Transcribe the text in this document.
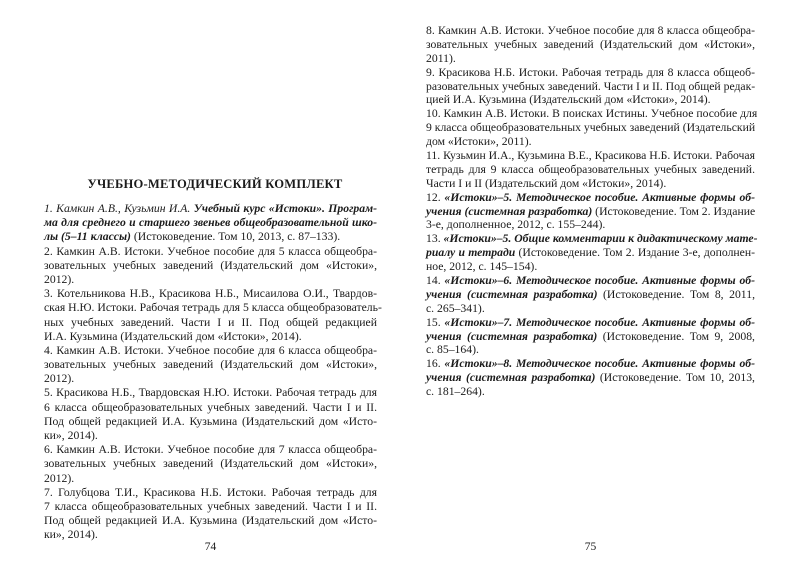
УЧЕБНО-МЕТОДИЧЕСКИЙ КОМПЛЕКТ
1. Камкин А.В., Кузьмин И.А. Учебный курс «Истоки». Програм-
ма для среднего и старшего звеньев общеобразовательной шко-
лы (5–11 классы) (Истоковедение. Том 10, 2013, с. 87–133).
2. Камкин А.В. Истоки. Учебное пособие для 5 класса общеобра-
зовательных учебных заведений (Издательский дом «Истоки»,
2012).
3. Котельникова Н.В., Красикова Н.Б., Мисаилова О.И., Твардов-
ская Н.Ю. Истоки. Рабочая тетрадь для 5 класса общеобразователь-
ных учебных заведений. Части I и II. Под общей редакцией
И.А. Кузьмина (Издательский дом «Истоки», 2014).
4. Камкин А.В. Истоки. Учебное пособие для 6 класса общеобра-
зовательных учебных заведений (Издательский дом «Истоки»,
2012).
5. Красикова Н.Б., Твардовская Н.Ю. Истоки. Рабочая тетрадь для
6 класса общеобразовательных учебных заведений. Части I и II.
Под общей редакцией И.А. Кузьмина (Издательский дом «Исто-
ки», 2014).
6. Камкин А.В. Истоки. Учебное пособие для 7 класса общеобра-
зовательных учебных заведений (Издательский дом «Истоки»,
2012).
7. Голубцова Т.И., Красикова Н.Б. Истоки. Рабочая тетрадь для
7 класса общеобразовательных учебных заведений. Части I и II.
Под общей редакцией И.А. Кузьмина (Издательский дом «Исто-
ки», 2014).
74
8. Камкин А.В. Истоки. Учебное пособие для 8 класса общеобра-
зовательных учебных заведений (Издательский дом «Истоки»,
2011).
9. Красикова Н.Б. Истоки. Рабочая тетрадь для 8 класса общеоб-
разовательных учебных заведений. Части I и II. Под общей редак-
цией И.А. Кузьмина (Издательский дом «Истоки», 2014).
10. Камкин А.В. Истоки. В поисках Истины. Учебное пособие для
9 класса общеобразовательных учебных заведений (Издательский
дом «Истоки», 2011).
11. Кузьмин И.А., Кузьмина В.Е., Красикова Н.Б. Истоки. Рабочая
тетрадь для 9 класса общеобразовательных учебных заведений.
Части I и II (Издательский дом «Истоки», 2014).
12. «Истоки»–5. Методическое пособие. Активные формы об-
учения (системная разработка) (Истоковедение. Том 2. Издание
3-е, дополненное, 2012, с. 155–244).
13. «Истоки»–5. Общие комментарии к дидактическому мате-
риалу и тетради (Истоковедение. Том 2. Издание 3-е, дополнен-
ное, 2012, с. 145–154).
14. «Истоки»–6. Методическое пособие. Активные формы об-
учения (системная разработка) (Истоковедение. Том 8, 2011,
с. 265–341).
15. «Истоки»–7. Методическое пособие. Активные формы об-
учения (системная разработка) (Истоковедение. Том 9, 2008,
с. 85–164).
16. «Истоки»–8. Методическое пособие. Активные формы об-
учения (системная разработка) (Истоковедение. Том 10, 2013,
с. 181–264).
75
